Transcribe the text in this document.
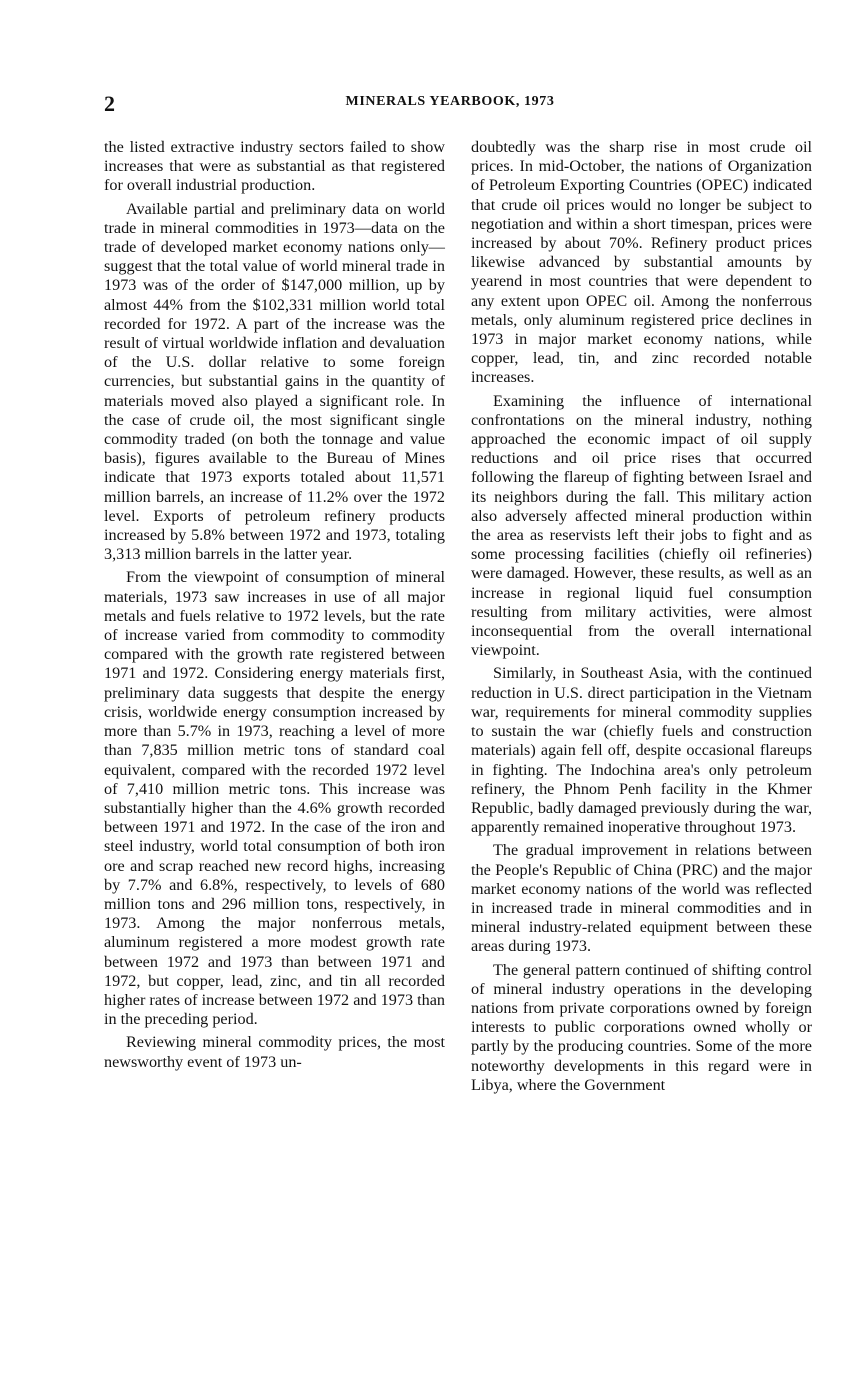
2	MINERALS YEARBOOK, 1973

the listed extractive industry sectors failed to show increases that were as substantial as that registered for overall industrial production.

Available partial and preliminary data on world trade in mineral commodities in 1973—data on the trade of developed market economy nations only—suggest that the total value of world mineral trade in 1973 was of the order of $147,000 million, up by almost 44% from the $102,331 million world total recorded for 1972. A part of the increase was the result of virtual worldwide inflation and devaluation of the U.S. dollar relative to some foreign currencies, but substantial gains in the quantity of materials moved also played a significant role. In the case of crude oil, the most significant single commodity traded (on both the tonnage and value basis), figures available to the Bureau of Mines indicate that 1973 exports totaled about 11,571 million barrels, an increase of 11.2% over the 1972 level. Exports of petroleum refinery products increased by 5.8% between 1972 and 1973, totaling 3,313 million barrels in the latter year.

From the viewpoint of consumption of mineral materials, 1973 saw increases in use of all major metals and fuels relative to 1972 levels, but the rate of increase varied from commodity to commodity compared with the growth rate registered between 1971 and 1972. Considering energy materials first, preliminary data suggests that despite the energy crisis, worldwide energy consumption increased by more than 5.7% in 1973, reaching a level of more than 7,835 million metric tons of standard coal equivalent, compared with the recorded 1972 level of 7,410 million metric tons. This increase was substantially higher than the 4.6% growth recorded between 1971 and 1972. In the case of the iron and steel industry, world total consumption of both iron ore and scrap reached new record highs, increasing by 7.7% and 6.8%, respectively, to levels of 680 million tons and 296 million tons, respectively, in 1973. Among the major nonferrous metals, aluminum registered a more modest growth rate between 1972 and 1973 than between 1971 and 1972, but copper, lead, zinc, and tin all recorded higher rates of increase between 1972 and 1973 than in the preceding period.

Reviewing mineral commodity prices, the most newsworthy event of 1973 un-

doubtedly was the sharp rise in most crude oil prices. In mid-October, the nations of Organization of Petroleum Exporting Countries (OPEC) indicated that crude oil prices would no longer be subject to negotiation and within a short timespan, prices were increased by about 70%. Refinery product prices likewise advanced by substantial amounts by yearend in most countries that were dependent to any extent upon OPEC oil. Among the nonferrous metals, only aluminum registered price declines in 1973 in major market economy nations, while copper, lead, tin, and zinc recorded notable increases.

Examining the influence of international confrontations on the mineral industry, nothing approached the economic impact of oil supply reductions and oil price rises that occurred following the flareup of fighting between Israel and its neighbors during the fall. This military action also adversely affected mineral production within the area as reservists left their jobs to fight and as some processing facilities (chiefly oil refineries) were damaged. However, these results, as well as an increase in regional liquid fuel consumption resulting from military activities, were almost inconsequential from the overall international viewpoint.

Similarly, in Southeast Asia, with the continued reduction in U.S. direct participation in the Vietnam war, requirements for mineral commodity supplies to sustain the war (chiefly fuels and construction materials) again fell off, despite occasional flareups in fighting. The Indochina area's only petroleum refinery, the Phnom Penh facility in the Khmer Republic, badly damaged previously during the war, apparently remained inoperative throughout 1973.

The gradual improvement in relations between the People's Republic of China (PRC) and the major market economy nations of the world was reflected in increased trade in mineral commodities and in mineral industry-related equipment between these areas during 1973.

The general pattern continued of shifting control of mineral industry operations in the developing nations from private corporations owned by foreign interests to public corporations owned wholly or partly by the producing countries. Some of the more noteworthy developments in this regard were in Libya, where the Government
